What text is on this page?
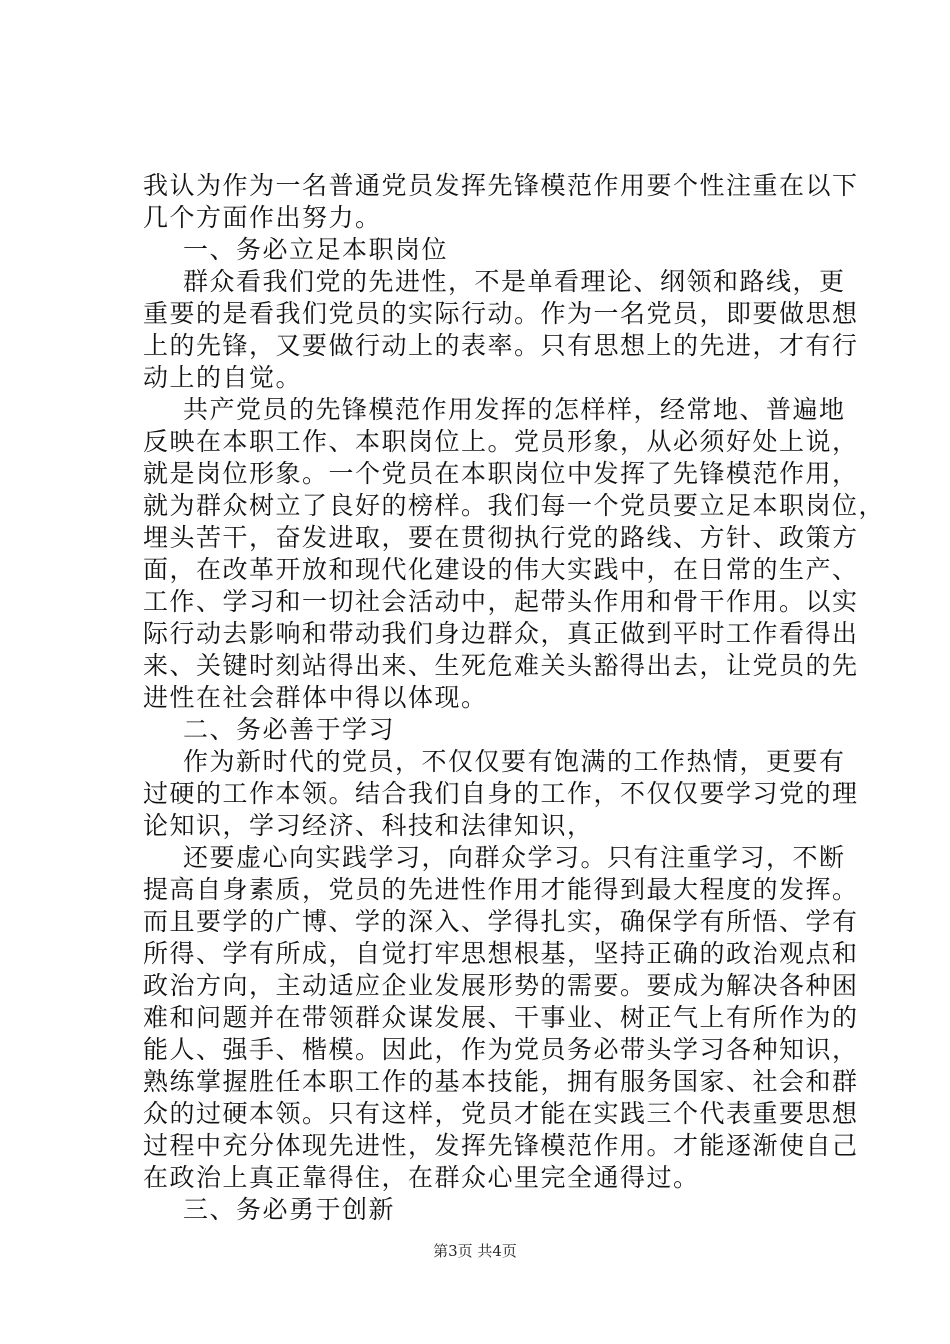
我认为作为一名普通党员发挥先锋模范作用要个性注重在以下
几个方面作出努力。
一、务必立足本职岗位
群众看我们党的先进性，不是单看理论、纲领和路线，更
重要的是看我们党员的实际行动。作为一名党员，即要做思想
上的先锋，又要做行动上的表率。只有思想上的先进，才有行
动上的自觉。
共产党员的先锋模范作用发挥的怎样样，经常地、普遍地
反映在本职工作、本职岗位上。党员形象，从必须好处上说，
就是岗位形象。一个党员在本职岗位中发挥了先锋模范作用，
就为群众树立了良好的榜样。我们每一个党员要立足本职岗位，
埋头苦干，奋发进取，要在贯彻执行党的路线、方针、政策方
面，在改革开放和现代化建设的伟大实践中，在日常的生产、
工作、学习和一切社会活动中，起带头作用和骨干作用。以实
际行动去影响和带动我们身边群众，真正做到平时工作看得出
来、关键时刻站得出来、生死危难关头豁得出去，让党员的先
进性在社会群体中得以体现。
二、务必善于学习
作为新时代的党员，不仅仅要有饱满的工作热情，更要有
过硬的工作本领。结合我们自身的工作，不仅仅要学习党的理
论知识，学习经济、科技和法律知识，
还要虚心向实践学习，向群众学习。只有注重学习，不断
提高自身素质，党员的先进性作用才能得到最大程度的发挥。
而且要学的广博、学的深入、学得扎实，确保学有所悟、学有
所得、学有所成，自觉打牢思想根基，坚持正确的政治观点和
政治方向，主动适应企业发展形势的需要。要成为解决各种困
难和问题并在带领群众谋发展、干事业、树正气上有所作为的
能人、强手、楷模。因此，作为党员务必带头学习各种知识，
熟练掌握胜任本职工作的基本技能，拥有服务国家、社会和群
众的过硬本领。只有这样，党员才能在实践三个代表重要思想
过程中充分体现先进性，发挥先锋模范作用。才能逐渐使自己
在政治上真正靠得住，在群众心里完全通得过。
三、务必勇于创新
第3页 共4页
